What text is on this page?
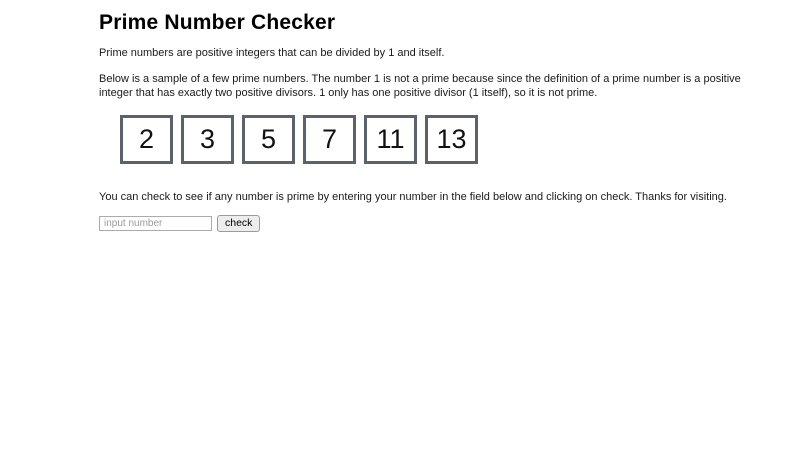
Prime Number Checker

Prime numbers are positive integers that can be divided by 1 and itself.

Below is a sample of a few prime numbers. The number 1 is not a prime because since the definition of a prime number is a positive integer that has exactly two positive divisors. 1 only has one positive divisor (1 itself), so it is not prime.

2 3 5 7 11 13

You can check to see if any number is prime by entering your number in the field below and clicking on check. Thanks for visiting.

input number
check
